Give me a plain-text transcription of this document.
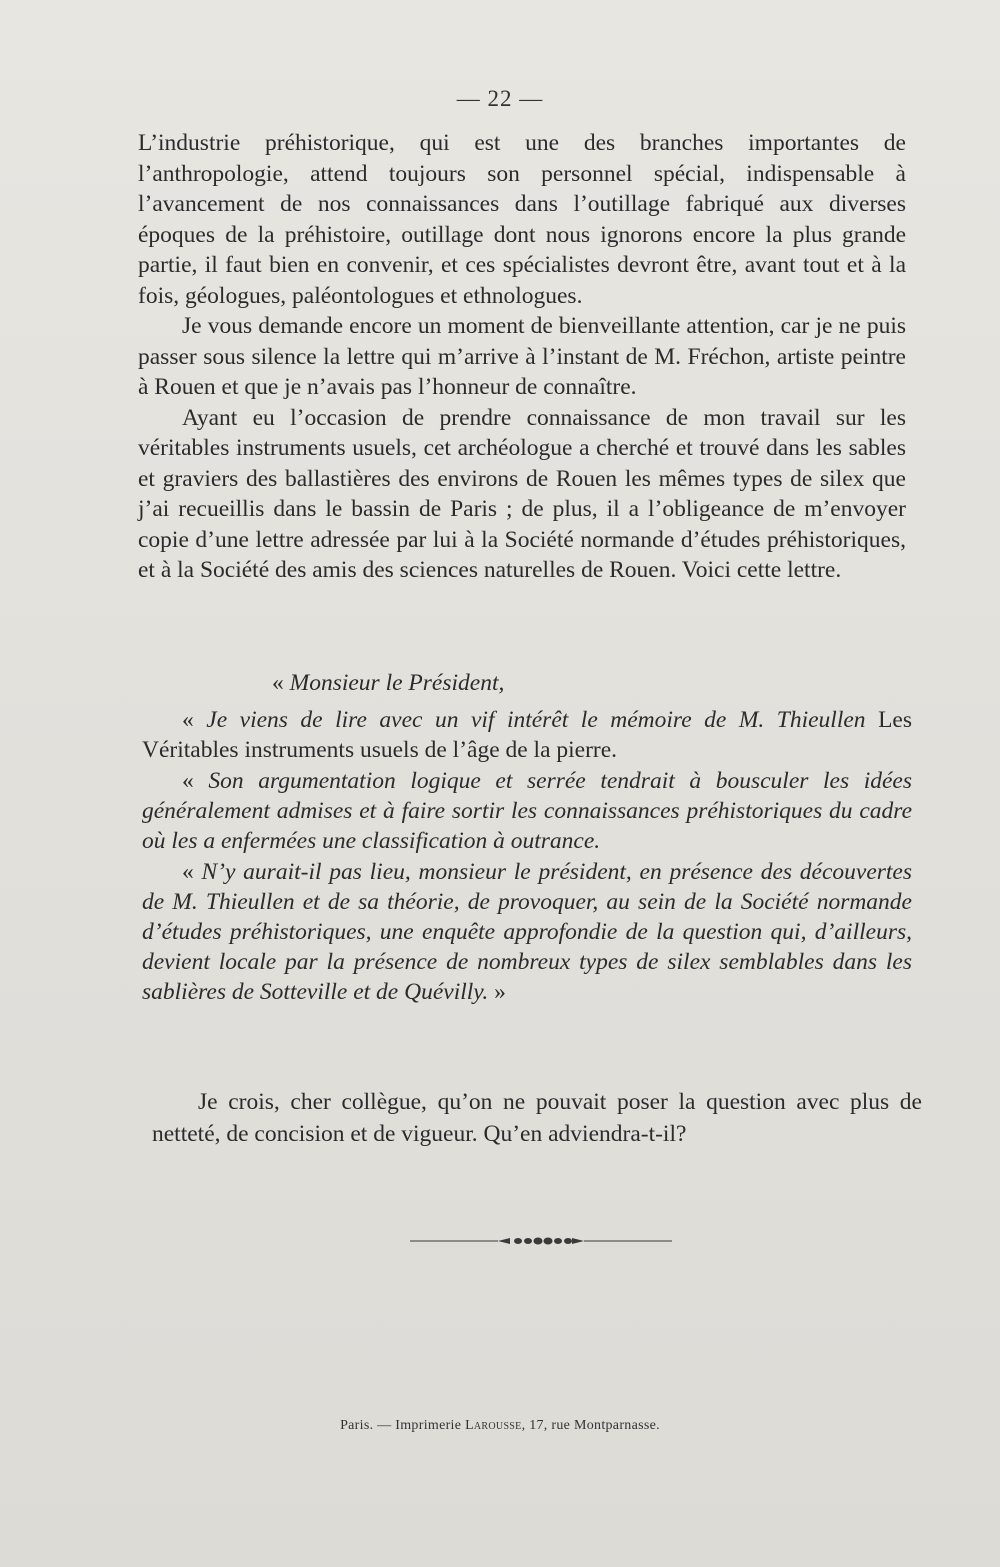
— 22 —

L’industrie préhistorique, qui est une des branches importantes de l’anthropologie, attend toujours son personnel spécial, indispensable à l’avancement de nos connaissances dans l’outillage fabriqué aux diverses époques de la préhistoire, outillage dont nous ignorons encore la plus grande partie, il faut bien en convenir, et ces spécialistes devront être, avant tout et à la fois, géologues, paléontologues et ethnologues.

Je vous demande encore un moment de bienveillante attention, car je ne puis passer sous silence la lettre qui m’arrive à l’instant de M. Fréchon, artiste peintre à Rouen et que je n’avais pas l’honneur de connaître.

Ayant eu l’occasion de prendre connaissance de mon travail sur les véritables instruments usuels, cet archéologue a cherché et trouvé dans les sables et graviers des ballastières des environs de Rouen les mêmes types de silex que j’ai recueillis dans le bassin de Paris ; de plus, il a l’obligeance de m’envoyer copie d’une lettre adressée par lui à la Société normande d’études préhistoriques, et à la Société des amis des sciences naturelles de Rouen. Voici cette lettre.

« Monsieur le Président,

« Je viens de lire avec un vif intérêt le mémoire de M. Thieullen Les Véritables instruments usuels de l’âge de la pierre.

« Son argumentation logique et serrée tendrait à bousculer les idées généralement admises et à faire sortir les connaissances préhistoriques du cadre où les a enfermées une classification à outrance.

« N’y aurait-il pas lieu, monsieur le président, en présence des découvertes de M. Thieullen et de sa théorie, de provoquer, au sein de la Société normande d’études préhistoriques, une enquête approfondie de la question qui, d’ailleurs, devient locale par la présence de nombreux types de silex semblables dans les sablières de Sotteville et de Quévilly. »

Je crois, cher collègue, qu’on ne pouvait poser la question avec plus de netteté, de concision et de vigueur. Qu’en adviendra-t-il?

Paris. — Imprimerie Larousse, 17, rue Montparnasse.
